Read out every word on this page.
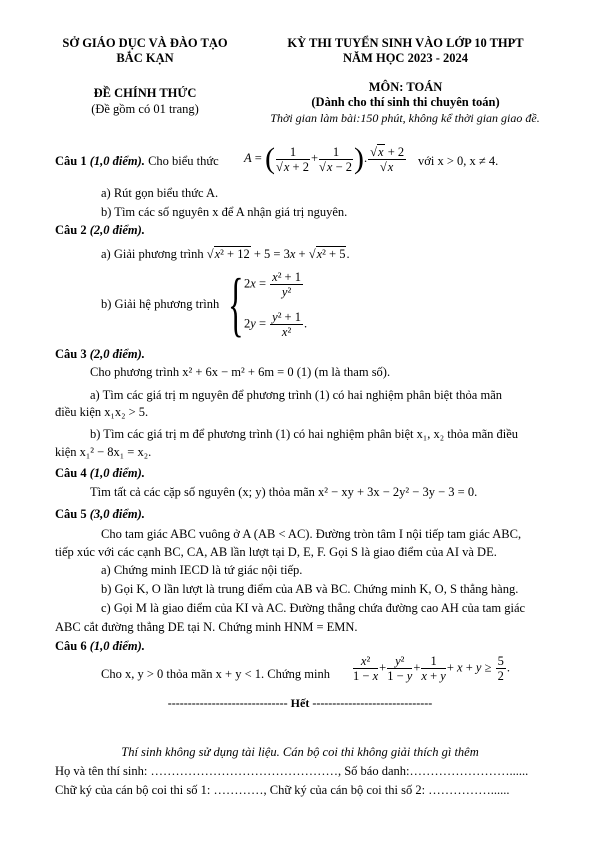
SỞ GIÁO DỤC VÀ ĐÀO TẠO
BẮC KẠN
KỲ THI TUYỂN SINH VÀO LỚP 10 THPT
NĂM HỌC 2023 - 2024
ĐỀ CHÍNH THỨC
(Đề gồm có 01 trang)
MÔN: TOÁN
(Dành cho thí sinh thi chuyên toán)
Thời gian làm bài:150 phút, không kể thời gian giao đề.
Câu 1 (1,0 điểm). Cho biểu thức A = ( $\frac{1}{√x + 2} + \frac{1}{√x - 2}$ ). $\frac{√x + 2}{√x}$ với x > 0, x ≠ 4.
a) Rút gọn biểu thức A.
b) Tìm các số nguyên x để A nhận giá trị nguyên.
Câu 2 (2,0 điểm).
a) Giải phương trình √x² + 12 + 5 = 3x + √x² + 5.
b) Giải hệ phương trình { $2x = \frac{\text{x² + 1}}{\text{y²}}$
$2y = \frac{\text{y² + 1}}{\text{x²}}$ .
Câu 3 (2,0 điểm).
Cho phương trình x² + 6x − m² + 6m = 0 (1) (m là tham số).
a) Tìm các giá trị m nguyên để phương trình (1) có hai nghiệm phân biệt thỏa mãn
điều kiện x₁x₂ > 5.
b) Tìm các giá trị m để phương trình (1) có hai nghiệm phân biệt x₁, x₂ thỏa mãn điều
kiện x₁² − 8x₁ = x₂.
Câu 4 (1,0 điểm).
Tìm tất cả các cặp số nguyên (x; y) thỏa mãn x² − xy + 3x − 2y² − 3y − 3 = 0.
Câu 5 (3,0 điểm).
Cho tam giác ABC vuông ở A (AB < AC). Đường tròn tâm I nội tiếp tam giác ABC,
tiếp xúc với các cạnh BC, CA, AB lần lượt tại D, E, F. Gọi S là giao điểm của AI và DE.
a) Chứng minh IECD là tứ giác nội tiếp.
b) Gọi K, O lần lượt là trung điểm của AB và BC. Chứng minh K, O, S thẳng hàng.
c) Gọi M là giao điểm của KI và AC. Đường thẳng chứa đường cao AH của tam giác
ABC cắt đường thẳng DE tại N. Chứng minh HNM = EMN.
Câu 6 (1,0 điểm).
Cho x, y > 0 thỏa mãn x + y < 1. Chứng minh $\frac{\text{x²}}{1 - x} + \frac{\text{y²}}{1 - y} + \frac{1}{x + y} + x + y \ge \frac{5}{2}$ .
------------------------------ Hết ------------------------------
Thí sinh không sử dụng tài liệu. Cán bộ coi thi không giải thích gì thêm
Họ và tên thí sinh: ………………………………………, Số báo danh:……………………......
Chữ ký của cán bộ coi thi số 1: …………, Chữ ký của cán bộ coi thi số 2: ……………......
